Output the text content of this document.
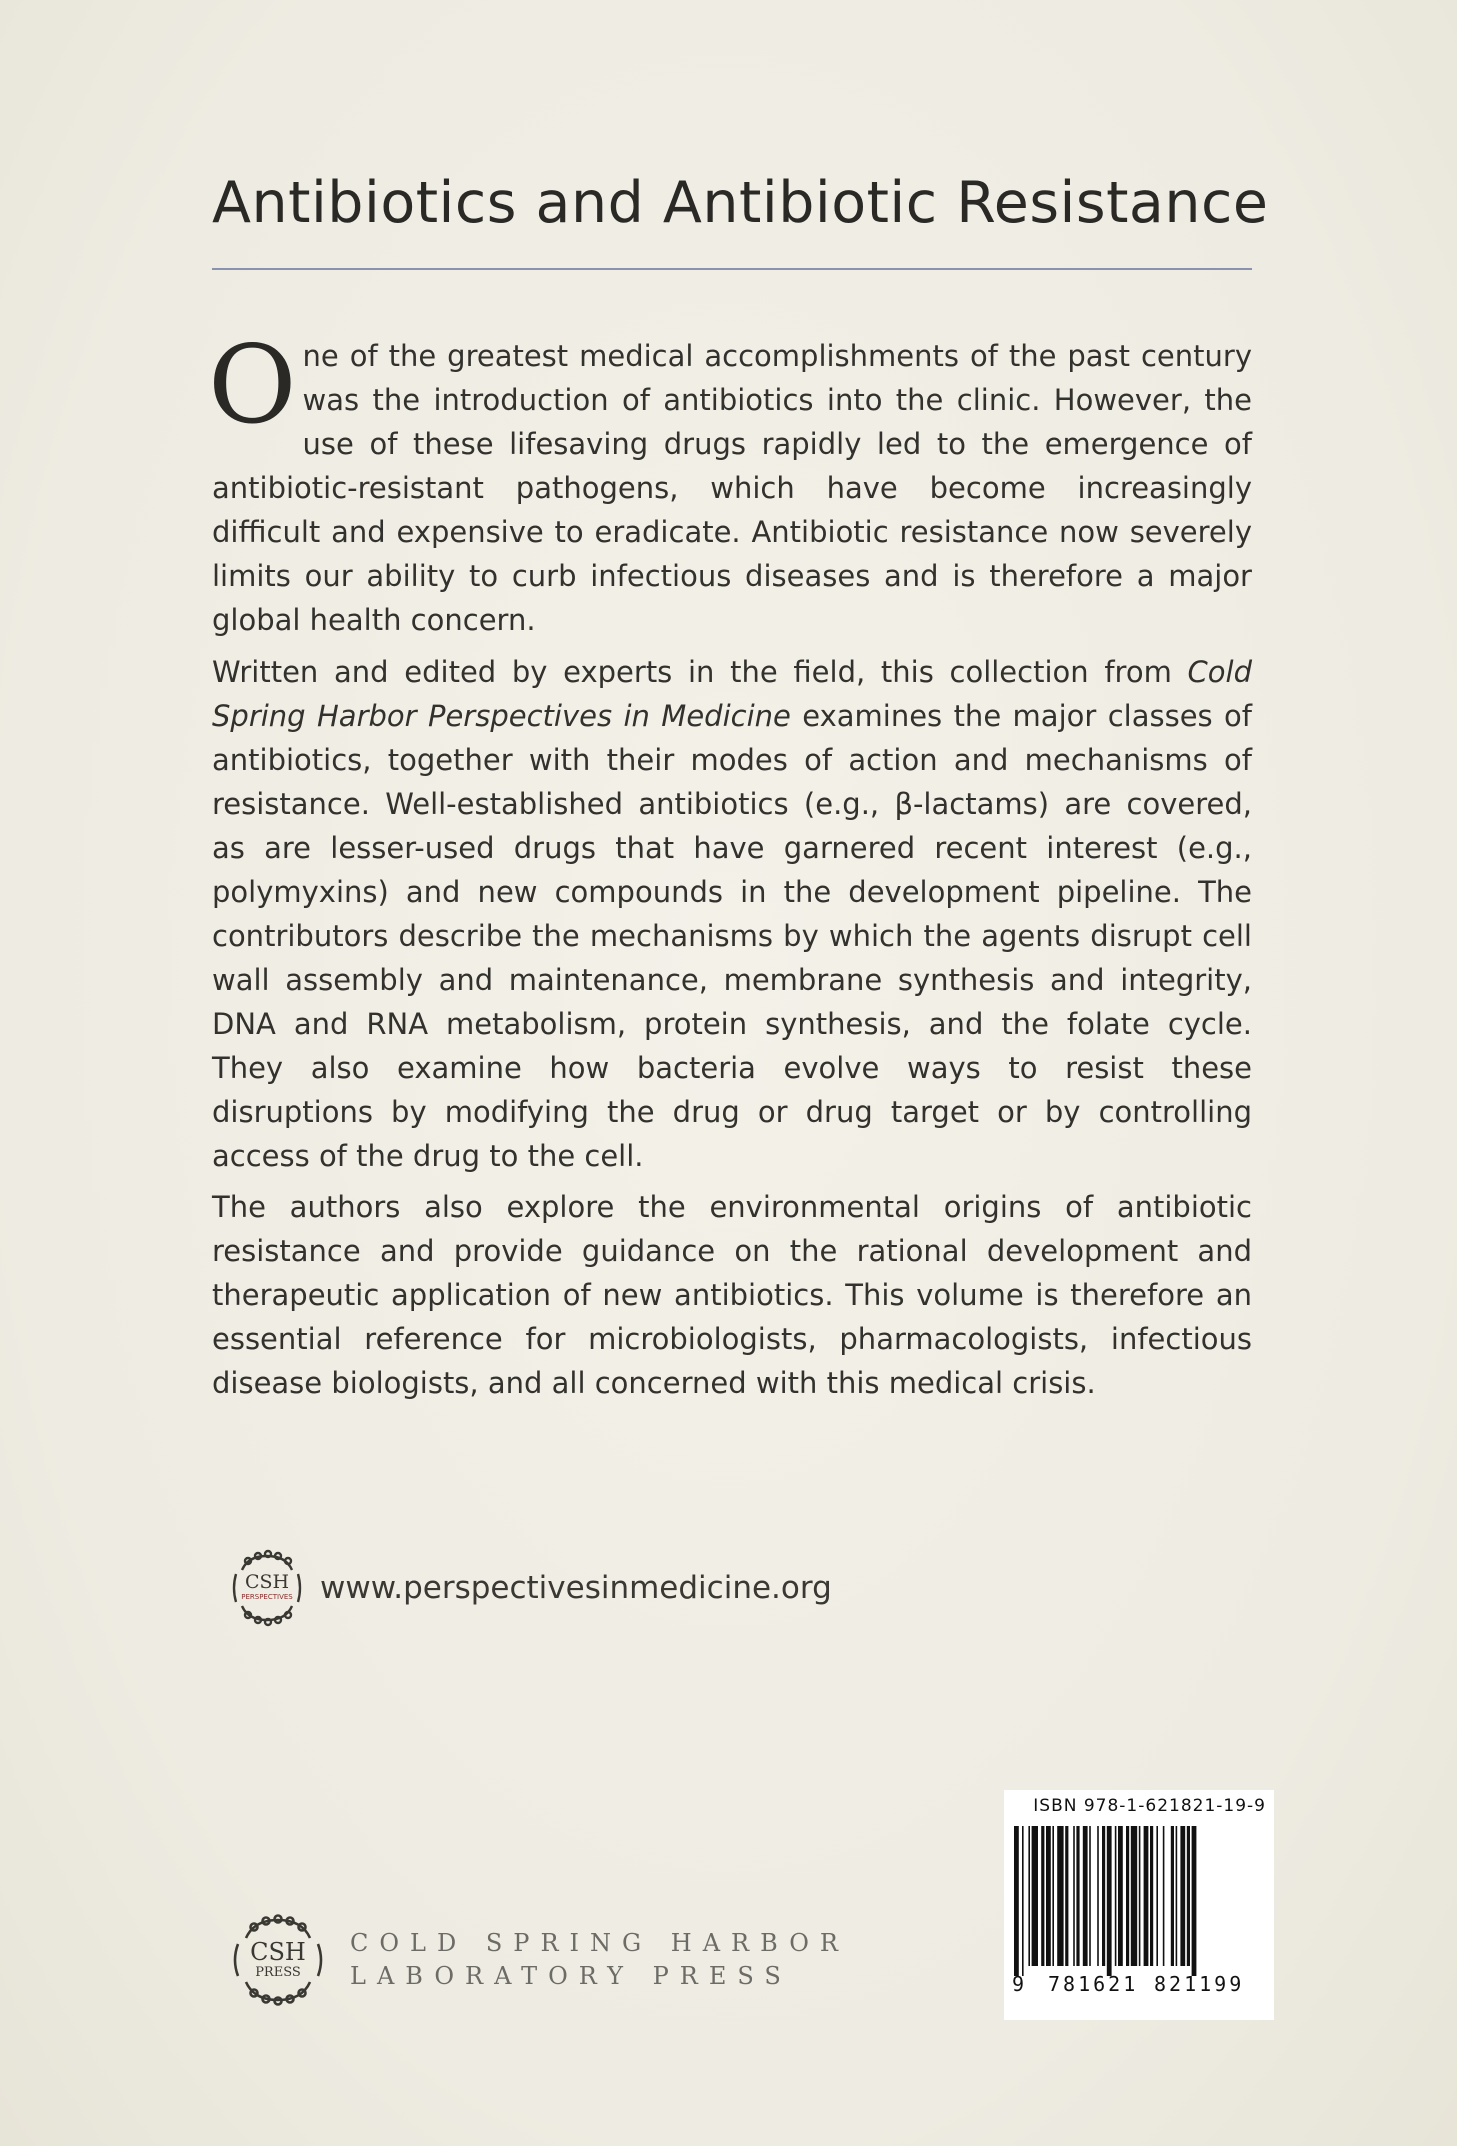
Antibiotics and Antibiotic Resistance
One of the greatest medical accomplishments of the past century was the introduction of antibiotics into the clinic. However, the use of these lifesaving drugs rapidly led to the emergence of antibiotic-resistant pathogens, which have become increasingly difficult and expensive to eradicate. Antibiotic resistance now severely limits our ability to curb infectious diseases and is therefore a major global health concern.
Written and edited by experts in the field, this collection from Cold Spring Harbor Perspectives in Medicine examines the major classes of antibiotics, together with their modes of action and mechanisms of resistance. Well-established antibiotics (e.g., β-lactams) are covered, as are lesser-used drugs that have garnered recent interest (e.g., polymyxins) and new compounds in the development pipeline. The contributors describe the mechanisms by which the agents disrupt cell wall assembly and maintenance, membrane synthesis and integrity, DNA and RNA metabolism, protein synthesis, and the folate cycle. They also examine how bacteria evolve ways to resist these disruptions by modifying the drug or drug target or by controlling access of the drug to the cell.
The authors also explore the environmental origins of antibiotic resistance and provide guidance on the rational development and therapeutic application of new antibiotics. This volume is therefore an essential reference for microbiologists, pharmacologists, infectious disease biologists, and all concerned with this medical crisis.
CSH
PERSPECTIVES www.perspectivesinmedicine.org
ISBN 978-1-621821-19-9
9 781621 821199
CSH
PRESS
COLD SPRING HARBOR
LABORATORY PRESS
